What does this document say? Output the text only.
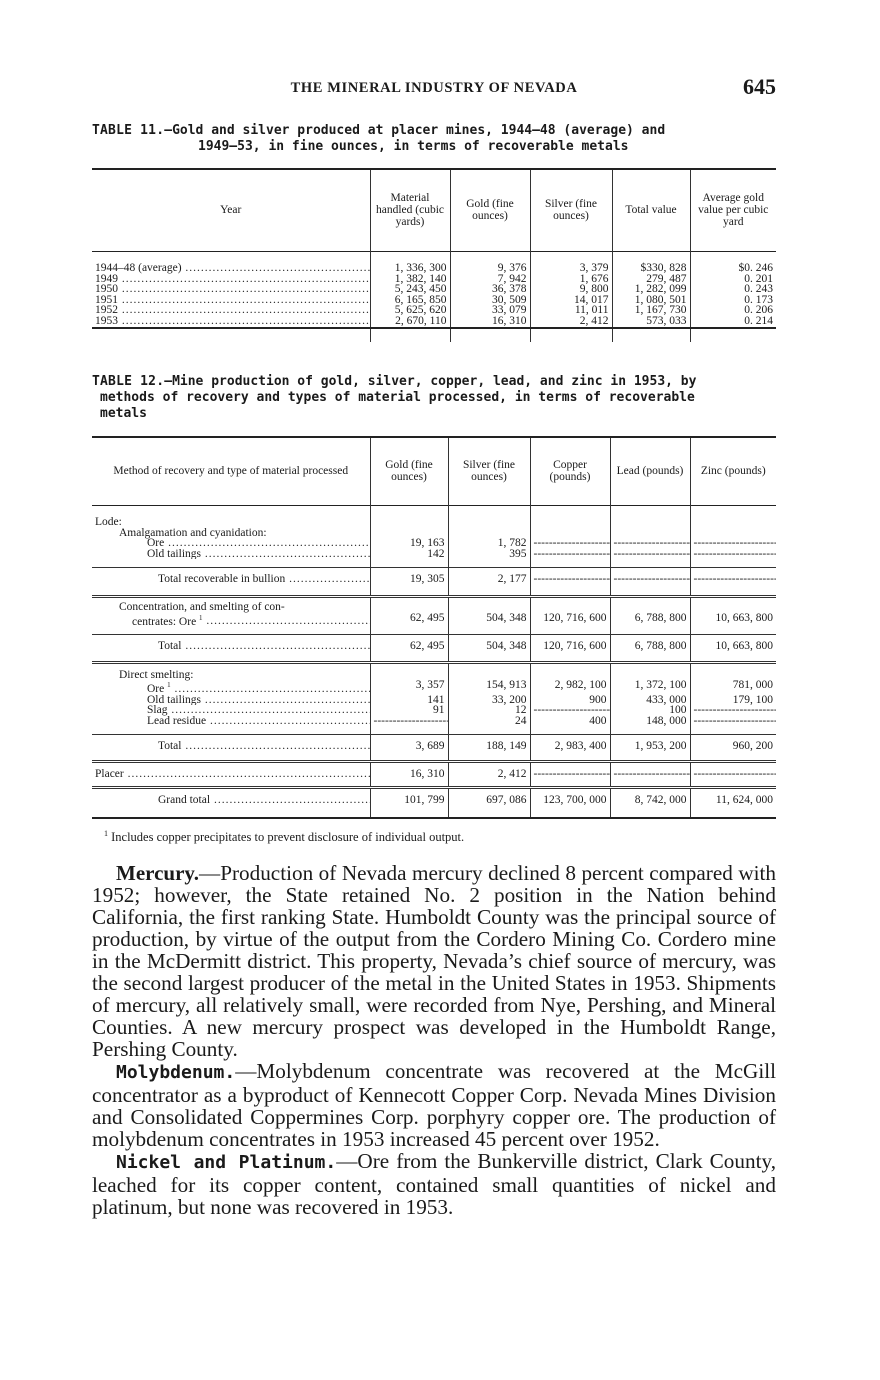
THE MINERAL INDUSTRY OF NEVADA	645
TABLE 11.—Gold and silver produced at placer mines, 1944–48 (average) and
1949–53, in fine ounces, in terms of recoverable metals
Year	Material handled (cubic yards)	Gold (fine ounces)	Silver (fine ounces)	Total value	Average gold value per cubic yard

1944–48 (average) .....	1, 336, 300	9, 376	3, 379	$330, 828	$0. 246
1949 .....	1, 382, 140	7, 942	1, 676	279, 487	0. 201
1950 .....	5, 243, 450	36, 378	9, 800	1, 282, 099	0. 243
1951 .....	6, 165, 850	30, 509	14, 017	1, 080, 501	0. 173
1952 .....	5, 625, 620	33, 079	11, 011	1, 167, 730	0. 206
1953 .....	2, 670, 110	16, 310	2, 412	573, 033	0. 214

TABLE 12.—Mine production of gold, silver, copper, lead, and zinc in 1953, by
methods of recovery and types of material processed, in terms of recoverable
metals
Method of recovery and type of material processed	Gold (fine ounces)	Silver (fine ounces)	Copper (pounds)	Lead (pounds)	Zinc (pounds)

Lode:					
Amalgamation and cyanidation:					
Ore .....	19, 163	1, 782	-----	-----	-----
Old tailings .....	142	395	-----	-----	-----

Total recoverable in bullion .....	19, 305	2, 177	-----	-----	-----

Concentration, and smelting of con-					
centrates: Ore $^1$ .....	62, 495	504, 348	120, 716, 600	6, 788, 800	10, 663, 800

Total .....	62, 495	504, 348	120, 716, 600	6, 788, 800	10, 663, 800

Direct smelting:					
Ore $^1$ .....	3, 357	154, 913	2, 982, 100	1, 372, 100	781, 000
Old tailings .....	141	33, 200	900	433, 000	179, 100
Slag .....	91	12	-----	100	-----
Lead residue .....	-----	24	400	148, 000	-----

Total .....	3, 689	188, 149	2, 983, 400	1, 953, 200	960, 200

Placer .....	16, 310	2, 412	-----	-----	-----

Grand total .....	101, 799	697, 086	123, 700, 000	8, 742, 000	11, 624, 000

$^1$ Includes copper precipitates to prevent disclosure of individual output.

Mercury.—Production of Nevada mercury declined 8 percent compared with 1952; however, the State retained No. 2 position in the Nation behind California, the first ranking State. Humboldt County was the principal source of production, by virtue of the output from the Cordero Mining Co. Cordero mine in the McDermitt district. This property, Nevada’s chief source of mercury, was the second largest producer of the metal in the United States in 1953. Shipments of mercury, all relatively small, were recorded from Nye, Pershing, and Mineral Counties. A new mercury prospect was developed in the Humboldt Range, Pershing County.

Molybdenum.—Molybdenum concentrate was recovered at the McGill concentrator as a byproduct of Kennecott Copper Corp. Nevada Mines Division and Consolidated Coppermines Corp. porphyry copper ore. The production of molybdenum concentrates in 1953 increased 45 percent over 1952.

Nickel and Platinum.—Ore from the Bunkerville district, Clark County, leached for its copper content, contained small quantities of nickel and platinum, but none was recovered in 1953.
